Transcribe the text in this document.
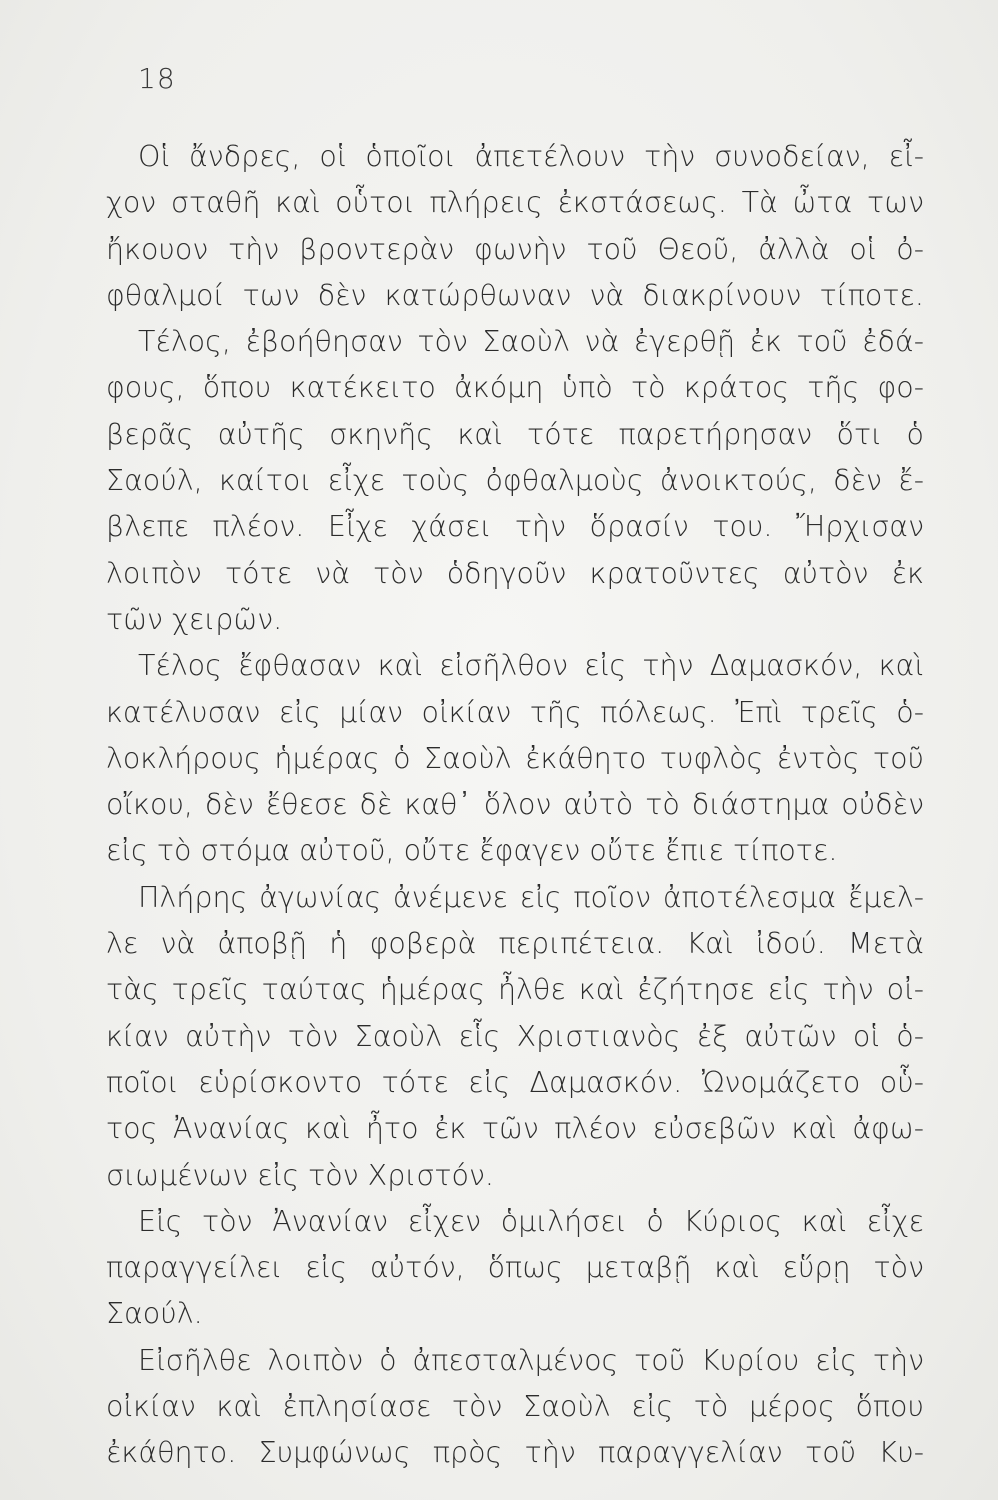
18
Οἱ ἄνδρες, οἱ ὁποῖοι ἀπετέλουν τὴν συνοδείαν, εἶ-
χον σταθῆ καὶ οὗτοι πλήρεις ἐκστάσεως. Τὰ ὦτα των
ἤκουον τὴν βροντερὰν φωνὴν τοῦ Θεοῦ, ἀλλὰ οἱ ὀ-
φθαλμοί των δὲν κατώρθωναν νὰ διακρίνουν τίποτε.
Τέλος, ἐβοήθησαν τὸν Σαοὺλ νὰ ἐγερθῇ ἐκ τοῦ ἐδά-
φους, ὅπου κατέκειτο ἀκόμη ὑπὸ τὸ κράτος τῆς φο-
βερᾶς αὐτῆς σκηνῆς καὶ τότε παρετήρησαν ὅτι ὁ
Σαούλ, καίτοι εἶχε τοὺς ὀφθαλμοὺς ἀνοικτούς, δὲν ἔ-
βλεπε πλέον. Εἶχε χάσει τὴν ὅρασίν του. Ἤρχισαν
λοιπὸν τότε νὰ τὸν ὁδηγοῦν κρατοῦντες αὐτὸν ἐκ
τῶν χειρῶν.
Τέλος ἔφθασαν καὶ εἰσῆλθον εἰς τὴν Δαμασκόν, καὶ
κατέλυσαν εἰς μίαν οἰκίαν τῆς πόλεως. Ἐπὶ τρεῖς ὁ-
λοκλήρους ἡμέρας ὁ Σαοὺλ ἐκάθητο τυφλὸς ἐντὸς τοῦ
οἴκου, δὲν ἔθεσε δὲ καθ᾽ ὅλον αὐτὸ τὸ διάστημα οὐδὲν
εἰς τὸ στόμα αὐτοῦ, οὔτε ἔφαγεν οὔτε ἔπιε τίποτε.
Πλήρης ἀγωνίας ἀνέμενε εἰς ποῖον ἀποτέλεσμα ἔμελ-
λε νὰ ἀποβῇ ἡ φοβερὰ περιπέτεια. Καὶ ἰδού. Μετὰ
τὰς τρεῖς ταύτας ἡμέρας ἦλθε καὶ ἐζήτησε εἰς τὴν οἰ-
κίαν αὐτὴν τὸν Σαοὺλ εἷς Χριστιανὸς ἐξ αὐτῶν οἱ ὁ-
ποῖοι εὑρίσκοντο τότε εἰς Δαμασκόν. Ὠνομάζετο οὗ-
τος Ἀνανίας καὶ ἦτο ἐκ τῶν πλέον εὐσεβῶν καὶ ἀφω-
σιωμένων εἰς τὸν Χριστόν.
Εἰς τὸν Ἀνανίαν εἶχεν ὁμιλήσει ὁ Κύριος καὶ εἶχε
παραγγείλει εἰς αὐτόν, ὅπως μεταβῇ καὶ εὕρῃ τὸν
Σαούλ.
Εἰσῆλθε λοιπὸν ὁ ἀπεσταλμένος τοῦ Κυρίου εἰς τὴν
οἰκίαν καὶ ἐπλησίασε τὸν Σαοὺλ εἰς τὸ μέρος ὅπου
ἐκάθητο. Συμφώνως πρὸς τὴν παραγγελίαν τοῦ Κυ-
